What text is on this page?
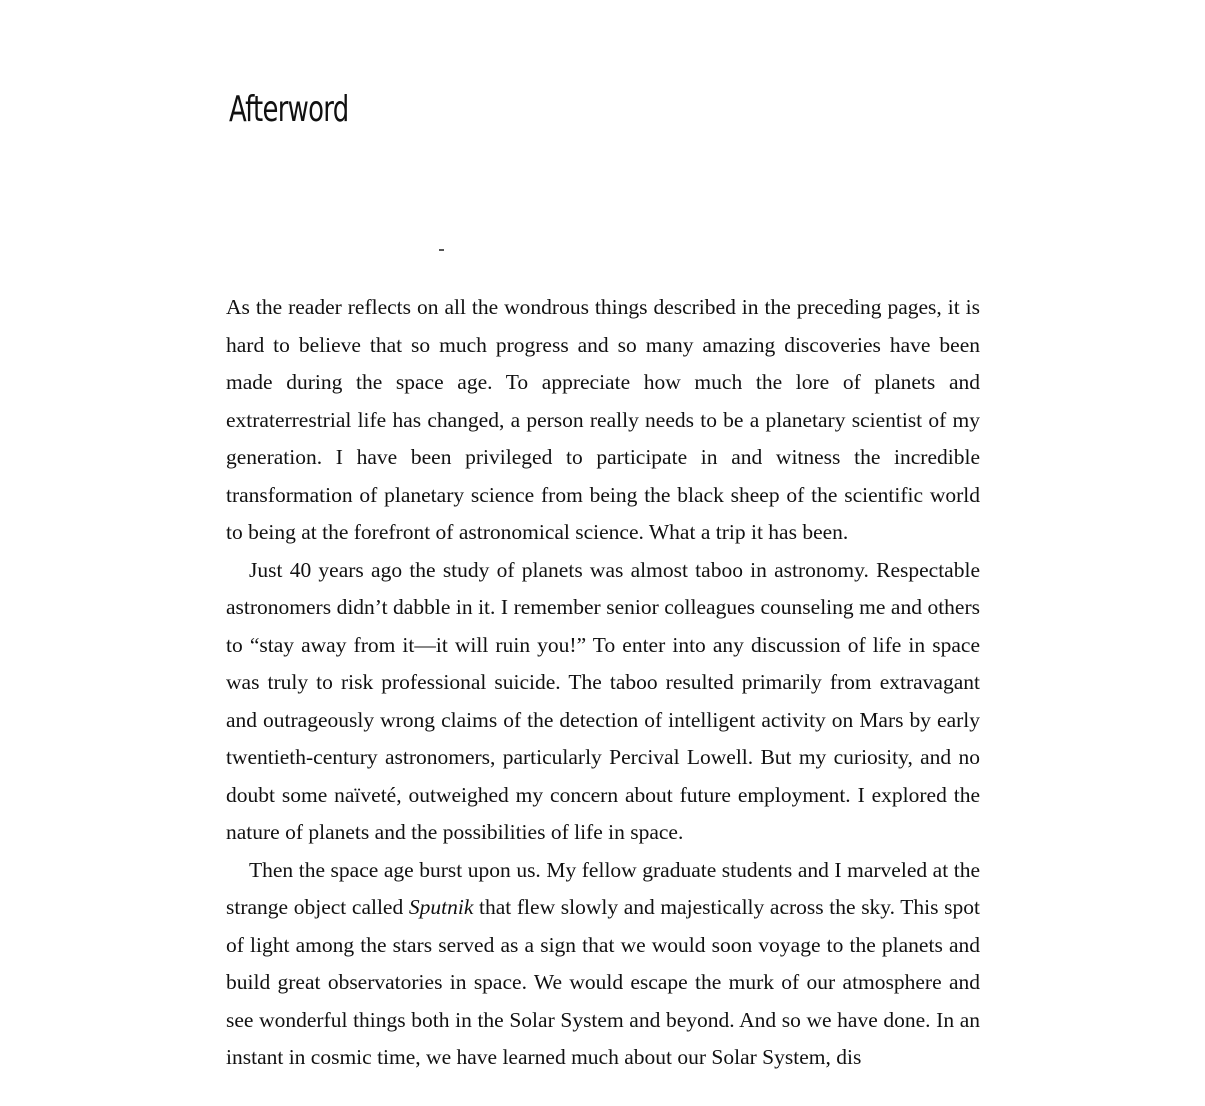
Afterword

As the reader reflects on all the wondrous things described in the preceding pages, it is hard to believe that so much progress and so many amazing discoveries have been made during the space age. To appreciate how much the lore of planets and extraterrestrial life has changed, a person really needs to be a planetary scientist of my generation. I have been privileged to participate in and witness the incredible transformation of planetary science from being the black sheep of the scientific world to being at the forefront of astronomical science. What a trip it has been.

Just 40 years ago the study of planets was almost taboo in astronomy. Respectable astronomers didn’t dabble in it. I remember senior colleagues counseling me and others to “stay away from it—it will ruin you!” To enter into any discussion of life in space was truly to risk professional suicide. The taboo resulted primarily from extravagant and outrageously wrong claims of the detection of intelligent activity on Mars by early twentieth-century astronomers, particularly Percival Lowell. But my curiosity, and no doubt some naïveté, outweighed my concern about future employment. I explored the nature of planets and the possibilities of life in space.

Then the space age burst upon us. My fellow graduate students and I marveled at the strange object called Sputnik that flew slowly and majestically across the sky. This spot of light among the stars served as a sign that we would soon voyage to the planets and build great observatories in space. We would escape the murk of our atmosphere and see wonderful things both in the Solar System and beyond. And so we have done. In an instant in cosmic time, we have learned much about our Solar System, dis
